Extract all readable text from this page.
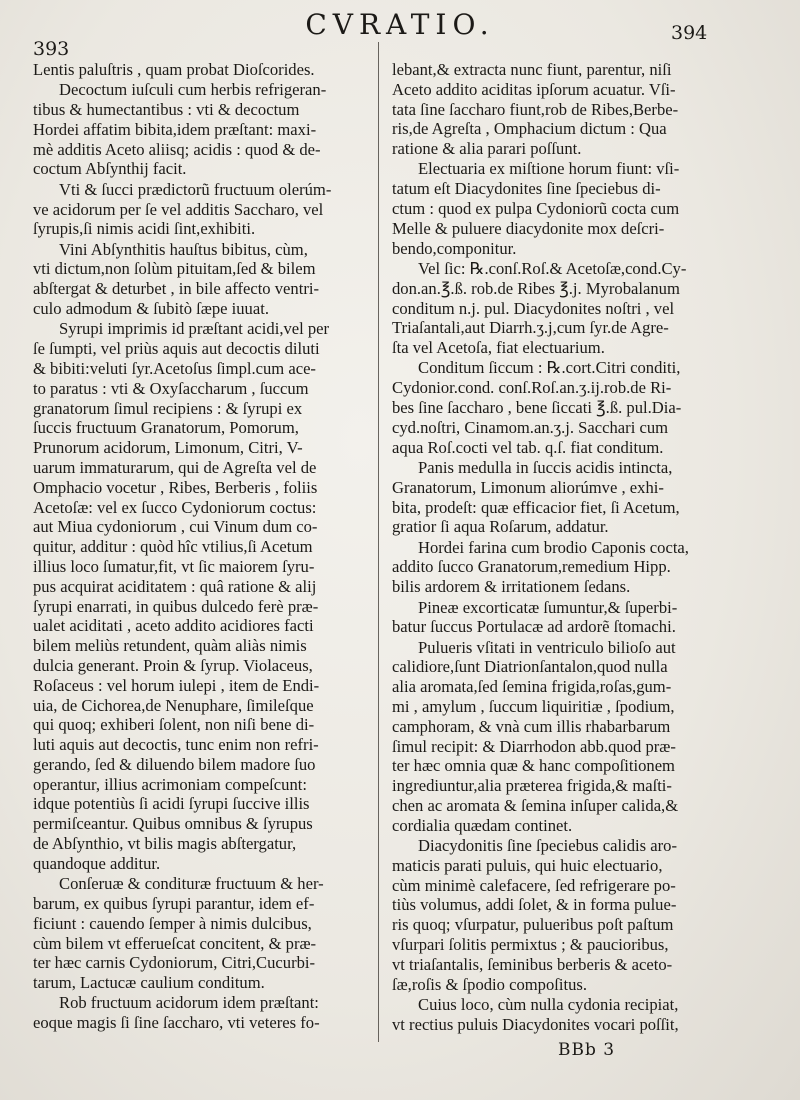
393
CVRATIO.	394
Lentis paluſtris , quam probat Dioſcorides.
Decoctum iuſculi cum herbis refrigeran-
tibus & humectantibus : vti & decoctum
Hordei affatim bibita,idem præſtant: maxi-
mè additis Aceto aliisq; acidis : quod & de-
coctum Abſynthij facit.
Vti & ſucci prædictorũ fructuum olerúm-
ve acidorum per ſe vel additis Saccharo, vel
ſyrupis,ſi nimis acidi ſint,exhibiti.
Vini Abſynthitis hauſtus bibitus, cùm,
vti dictum,non ſolùm pituitam,ſed & bilem
abſtergat & deturbet , in bile affecto ventri-
culo admodum & ſubitò ſæpe iuuat.
Syrupi imprimis id præſtant acidi,vel per
ſe ſumpti, vel priùs aquis aut decoctis diluti
& bibiti:veluti ſyr.Acetoſus ſimpl.cum ace-
to paratus : vti & Oxyſaccharum , ſuccum
granatorum ſimul recipiens : & ſyrupi ex
ſuccis fructuum Granatorum, Pomorum,
Prunorum acidorum, Limonum, Citri, V-
uarum immaturarum, qui de Agreſta vel de
Omphacio vocetur , Ribes, Berberis , foliis
Acetoſæ: vel ex ſucco Cydoniorum coctus:
aut Miua cydoniorum , cui Vinum dum co-
quitur, additur : quòd hîc vtilius,ſi Acetum
illius loco ſumatur,fit, vt ſic maiorem ſyru-
pus acquirat aciditatem : quâ ratione & alij
ſyrupi enarrati, in quibus dulcedo ferè præ-
ualet aciditati , aceto addito acidiores facti
bilem meliùs retundent, quàm aliàs nimis
dulcia generant. Proin & ſyrup. Violaceus,
Roſaceus : vel horum iulepi , item de Endi-
uia, de Cichorea,de Nenuphare, ſimileſque
qui quoq; exhiberi ſolent, non niſi bene di-
luti aquis aut decoctis, tunc enim non refri-
gerando, ſed & diluendo bilem madore ſuo
operantur, illius acrimoniam compeſcunt:
idque potentiùs ſi acidi ſyrupi ſuccive illis
permiſceantur. Quibus omnibus & ſyrupus
de Abſynthio, vt bilis magis abſtergatur,
quandoque additur.
Conſeruæ & condituræ fructuum & her-
barum, ex quibus ſyrupi parantur, idem ef-
ficiunt : cauendo ſemper à nimis dulcibus,
cùm bilem vt efferueſcat concitent, & præ-
ter hæc carnis Cydoniorum, Citri,Cucurbi-
tarum, Lactucæ caulium conditum.
Rob fructuum acidorum idem præſtant:
eoque magis ſi ſine ſaccharo, vti veteres fo-
lebant,& extracta nunc fiunt, parentur, niſi
Aceto addito aciditas ipſorum acuatur. Vſi-
tata ſine ſaccharo fiunt,rob de Ribes,Berbe-
ris,de Agreſta , Omphacium dictum : Qua
ratione & alia parari poſſunt.
Electuaria ex miſtione horum fiunt: vſi-
tatum eſt Diacydonites ſine ſpeciebus di-
ctum : quod ex pulpa Cydoniorũ cocta cum
Melle & puluere diacydonite mox deſcri-
bendo,componitur.
Vel ſic: ℞.conſ.Roſ.& Acetoſæ,cond.Cy-
don.an.℥.ß. rob.de Ribes ℥.j. Myrobalanum
conditum n.j. pul. Diacydonites noſtri , vel
Triaſantali,aut Diarrh.ʒ.j,cum ſyr.de Agre-
ſta vel Acetoſa, fiat electuarium.
Conditum ſiccum : ℞.cort.Citri conditi,
Cydonior.cond. conſ.Roſ.an.ʒ.ij.rob.de Ri-
bes ſine ſaccharo , bene ſiccati ℥.ß. pul.Dia-
cyd.noſtri, Cinamom.an.ʒ.j. Sacchari cum
aqua Roſ.cocti vel tab. q.ſ. fiat conditum.
Panis medulla in ſuccis acidis intincta,
Granatorum, Limonum aliorúmve , exhi-
bita, prodeſt: quæ efficacior fiet, ſi Acetum,
gratior ſi aqua Roſarum, addatur.
Hordei farina cum brodio Caponis cocta,
addito ſucco Granatorum,remedium Hipp.
bilis ardorem & irritationem ſedans.
Pineæ excorticatæ ſumuntur,& ſuperbi-
batur ſuccus Portulacæ ad ardorẽ ſtomachi.
Pulueris vſitati in ventriculo bilioſo aut
calidiore,ſunt Diatrionſantalon,quod nulla
alia aromata,ſed ſemina frigida,roſas,gum-
mi , amylum , ſuccum liquiritiæ , ſpodium,
camphoram, & vnà cum illis rhabarbarum
ſimul recipit: & Diarrhodon abb.quod præ-
ter hæc omnia quæ & hanc compoſitionem
ingrediuntur,alia præterea frigida,& maſti-
chen ac aromata & ſemina inſuper calida,&
cordialia quædam continet.
Diacydonitis ſine ſpeciebus calidis aro-
maticis parati puluis, qui huic electuario,
cùm minimè calefacere, ſed refrigerare po-
tiùs volumus, addi ſolet, & in forma pulue-
ris quoq; vſurpatur, pulueribus poſt paſtum
vſurpari ſolitis permixtus ; & paucioribus,
vt triaſantalis, ſeminibus berberis & aceto-
ſæ,roſis & ſpodio compoſitus.
Cuius loco, cùm nulla cydonia recipiat,
vt rectius puluis Diacydonites vocari poſſit,
BBb 3
